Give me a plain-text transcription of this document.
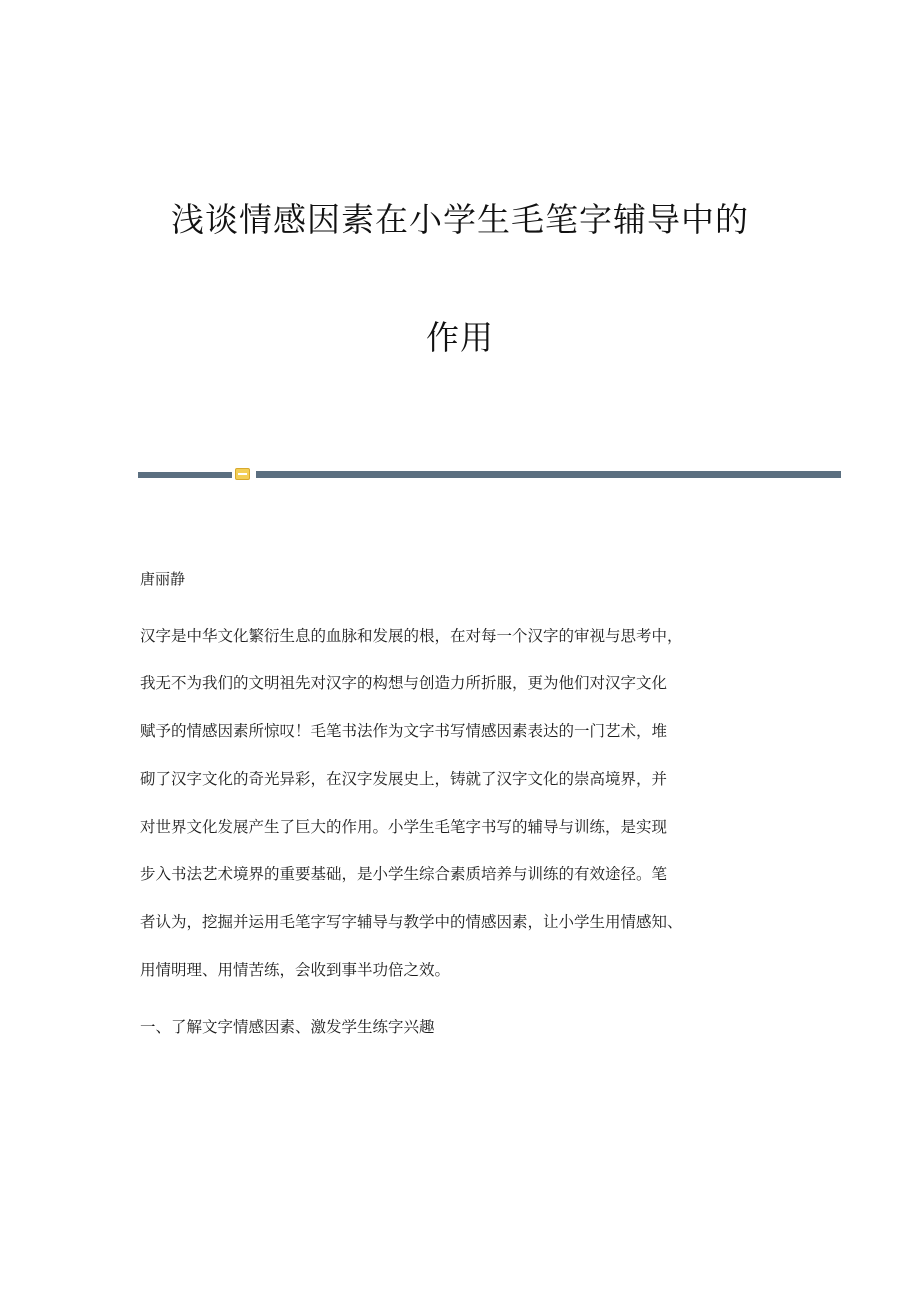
浅谈情感因素在小学生毛笔字辅导中的
作用
唐丽静
汉字是中华文化繁衍生息的血脉和发展的根，在对每一个汉字的审视与思考中，
我无不为我们的文明祖先对汉字的构想与创造力所折服，更为他们对汉字文化
赋予的情感因素所惊叹！毛笔书法作为文字书写情感因素表达的一门艺术，堆
砌了汉字文化的奇光异彩，在汉字发展史上，铸就了汉字文化的崇高境界，并
对世界文化发展产生了巨大的作用。小学生毛笔字书写的辅导与训练，是实现
步入书法艺术境界的重要基础，是小学生综合素质培养与训练的有效途径。笔
者认为，挖掘并运用毛笔字写字辅导与教学中的情感因素，让小学生用情感知、
用情明理、用情苦练，会收到事半功倍之效。
一、了解文字情感因素、激发学生练字兴趣
